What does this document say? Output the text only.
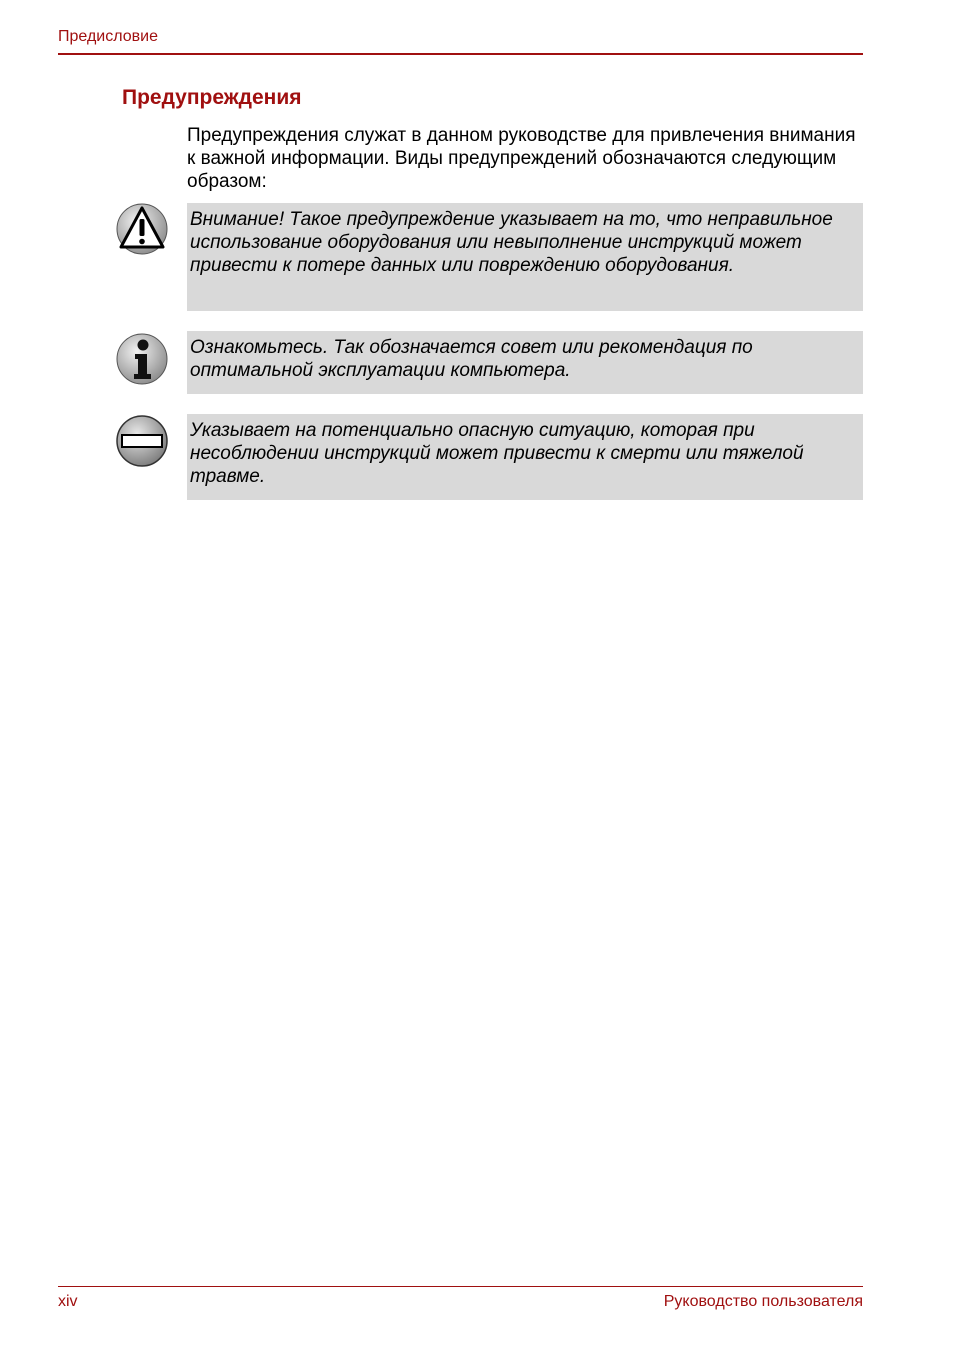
Предисловие
Предупреждения
Предупреждения служат в данном руководстве для привлечения внимания к важной информации. Виды предупреждений обозначаются следующим образом:
Внимание! Такое предупреждение указывает на то, что неправильное использование оборудования или невыполнение инструкций может привести к потере данных или повреждению оборудования.
Ознакомьтесь. Так обозначается совет или рекомендация по оптимальной эксплуатации компьютера.
Указывает на потенциально опасную ситуацию, которая при несоблюдении инструкций может привести к смерти или тяжелой травме.
xiv	Руководство пользователя
